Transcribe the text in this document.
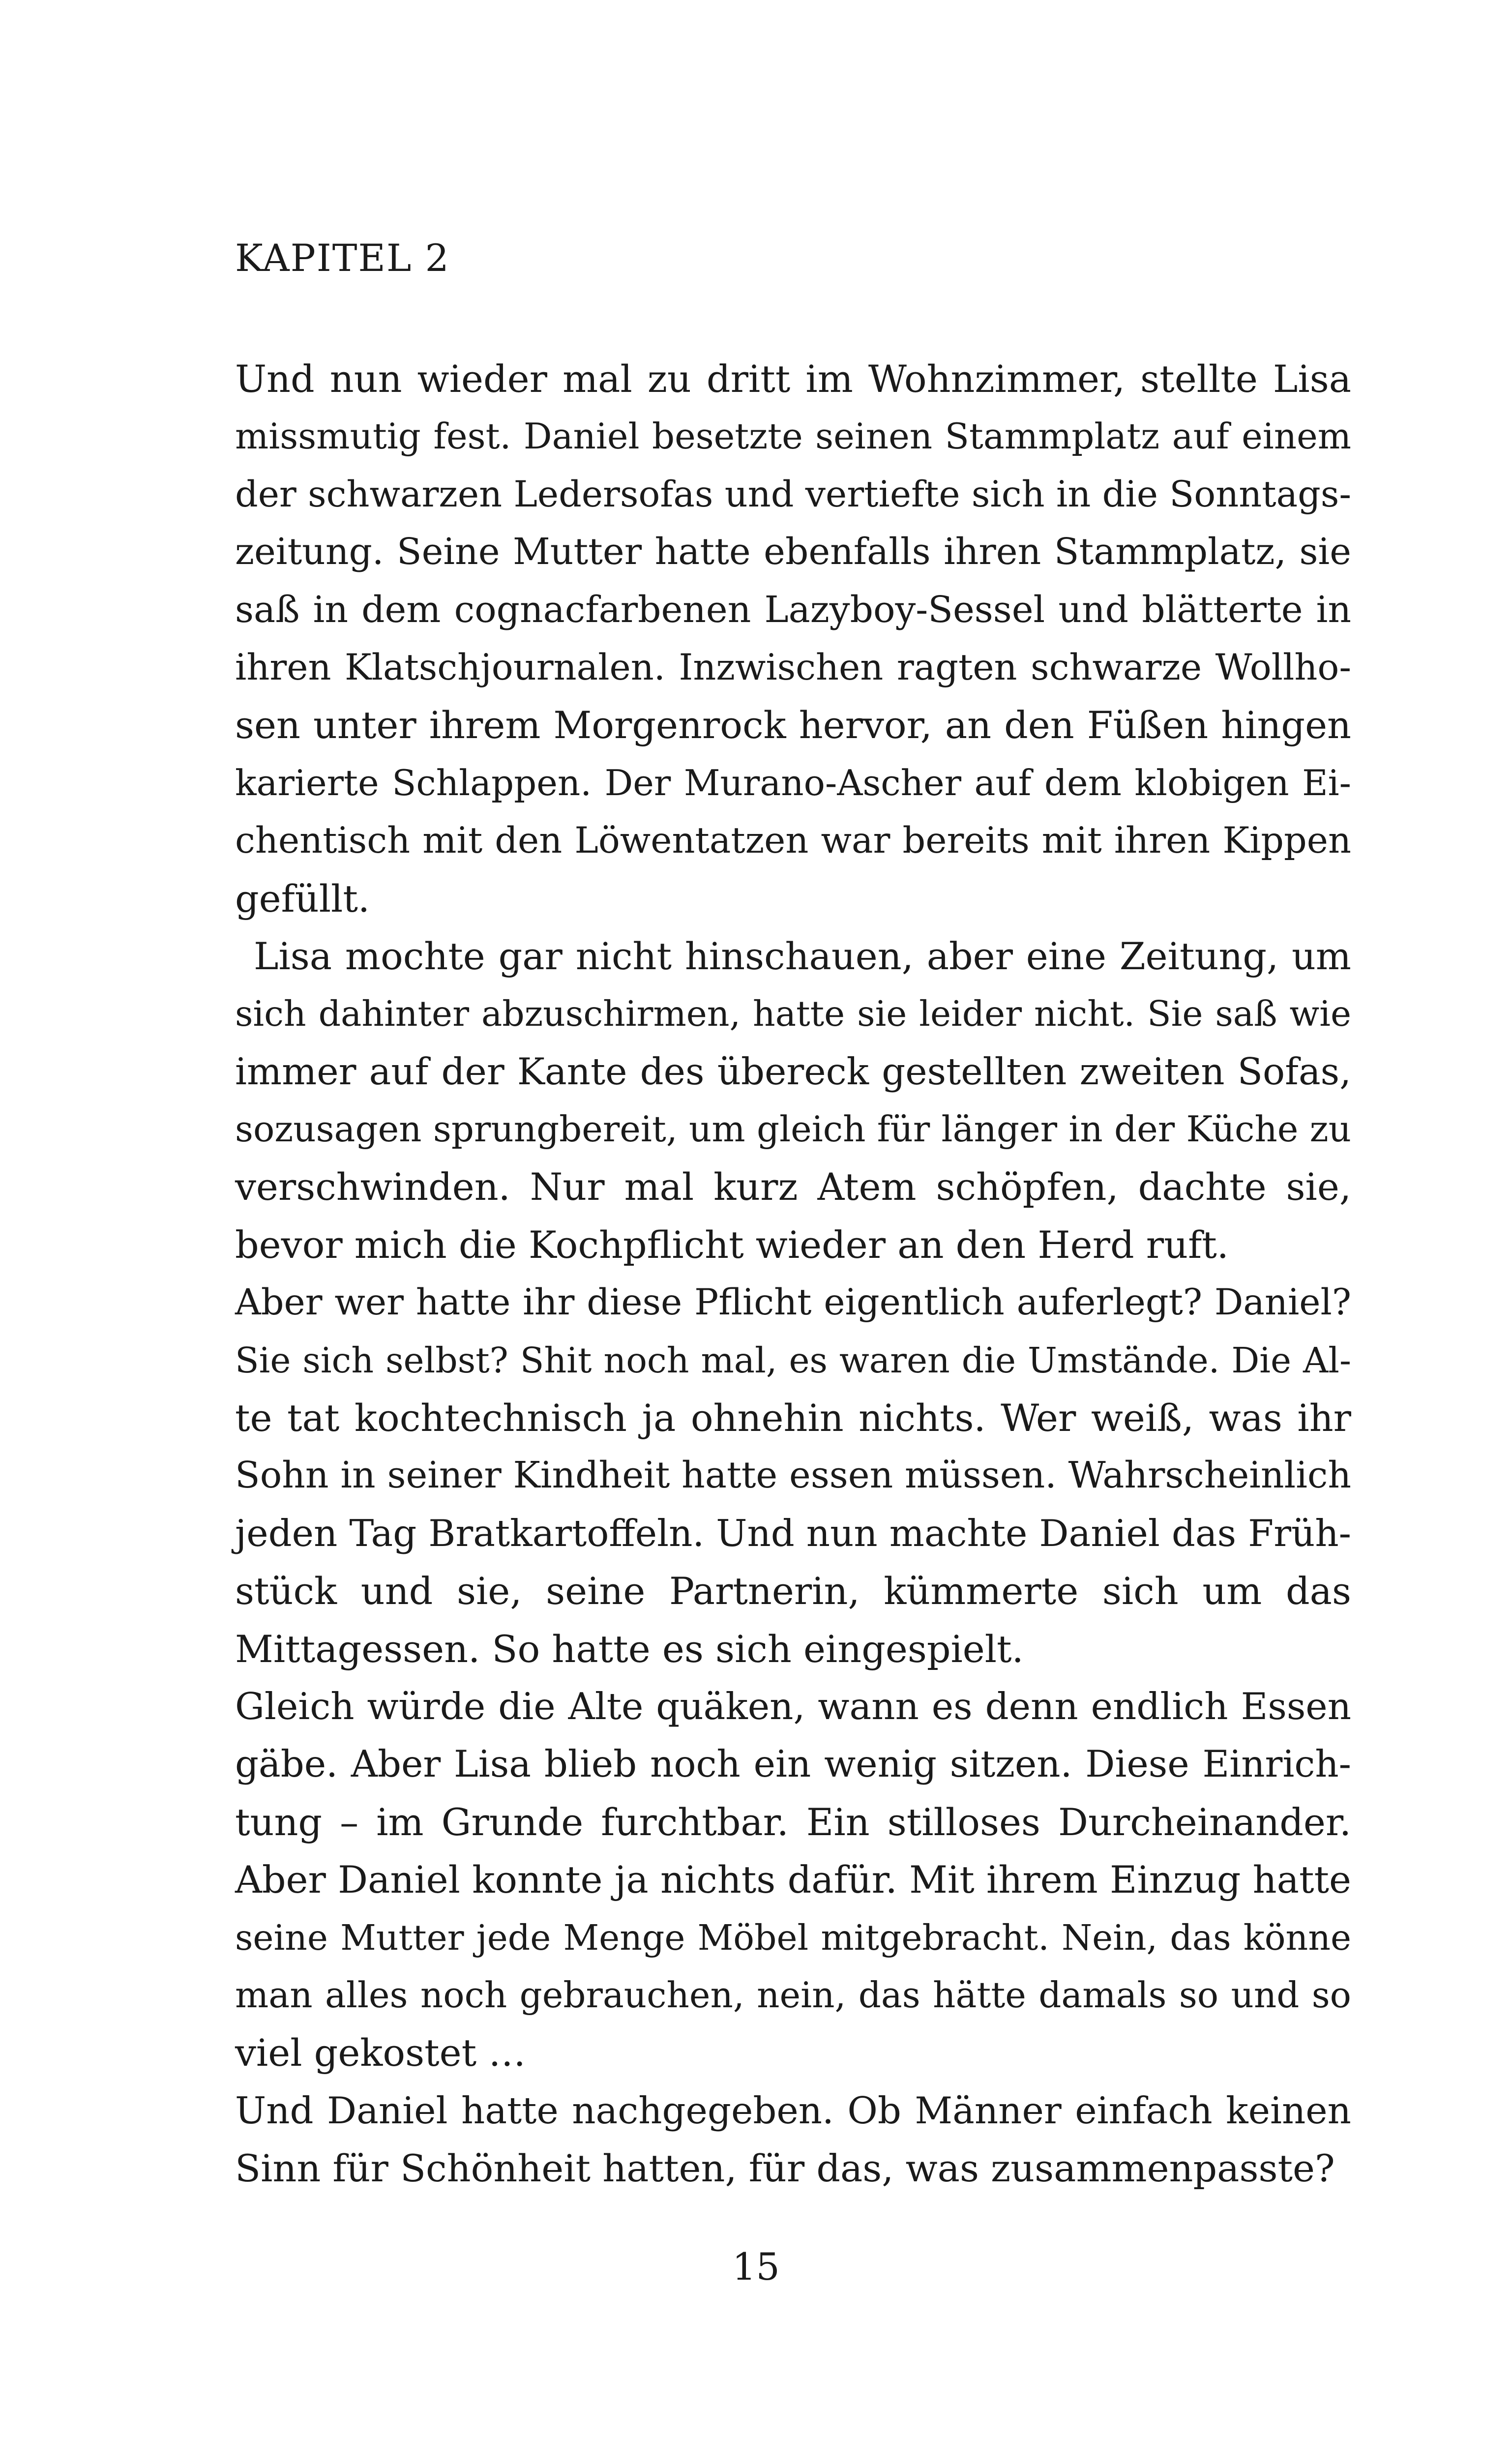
KAPITEL 2
Und nun wieder mal zu dritt im Wohnzimmer, stellte Lisa
missmutig fest. Daniel besetzte seinen Stammplatz auf einem
der schwarzen Ledersofas und vertiefte sich in die Sonntags-
zeitung. Seine Mutter hatte ebenfalls ihren Stammplatz, sie
saß in dem cognacfarbenen Lazyboy-Sessel und blätterte in
ihren Klatschjournalen. Inzwischen ragten schwarze Wollho-
sen unter ihrem Morgenrock hervor, an den Füßen hingen
karierte Schlappen. Der Murano-Ascher auf dem klobigen Ei-
chentisch mit den Löwentatzen war bereits mit ihren Kippen
gefüllt.
Lisa mochte gar nicht hinschauen, aber eine Zeitung, um
sich dahinter abzuschirmen, hatte sie leider nicht. Sie saß wie
immer auf der Kante des übereck gestellten zweiten Sofas,
sozusagen sprungbereit, um gleich für länger in der Küche zu
verschwinden. Nur mal kurz Atem schöpfen, dachte sie,
bevor mich die Kochpflicht wieder an den Herd ruft.
Aber wer hatte ihr diese Pflicht eigentlich auferlegt? Daniel?
Sie sich selbst? Shit noch mal, es waren die Umstände. Die Al-
te tat kochtechnisch ja ohnehin nichts. Wer weiß, was ihr
Sohn in seiner Kindheit hatte essen müssen. Wahrscheinlich
jeden Tag Bratkartoffeln. Und nun machte Daniel das Früh-
stück und sie, seine Partnerin, kümmerte sich um das
Mittagessen. So hatte es sich eingespielt.
Gleich würde die Alte quäken, wann es denn endlich Essen
gäbe. Aber Lisa blieb noch ein wenig sitzen. Diese Einrich-
tung – im Grunde furchtbar. Ein stilloses Durcheinander.
Aber Daniel konnte ja nichts dafür. Mit ihrem Einzug hatte
seine Mutter jede Menge Möbel mitgebracht. Nein, das könne
man alles noch gebrauchen, nein, das hätte damals so und so
viel gekostet …
Und Daniel hatte nachgegeben. Ob Männer einfach keinen
Sinn für Schönheit hatten, für das, was zusammenpasste?
15
